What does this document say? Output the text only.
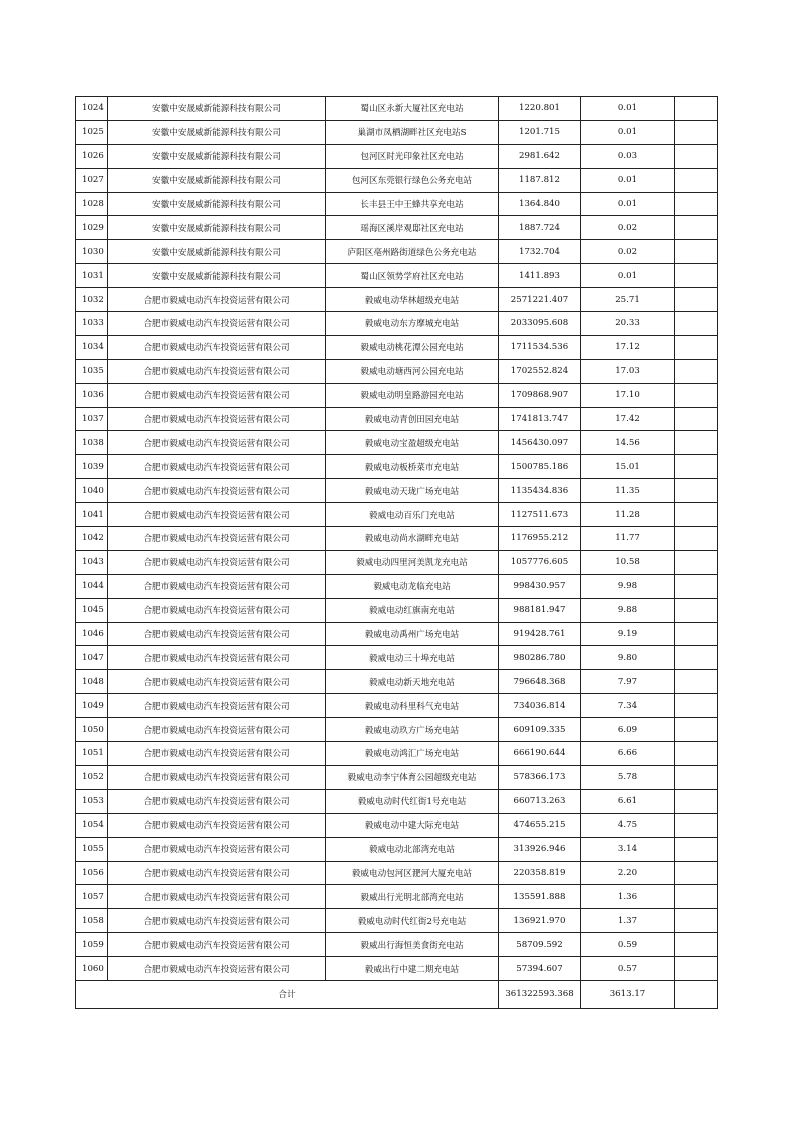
1024	安徽中安晟威新能源科技有限公司	蜀山区永新大厦社区充电站	1220.801	0.01	
1025	安徽中安晟威新能源科技有限公司	巢湖市凤栖湖畔社区充电站S	1201.715	0.01	
1026	安徽中安晟威新能源科技有限公司	包河区时光印象社区充电站	2981.642	0.03	
1027	安徽中安晟威新能源科技有限公司	包河区东莞银行绿色公务充电站	1187.812	0.01	
1028	安徽中安晟威新能源科技有限公司	长丰县王中王蜂共享充电站	1364.840	0.01	
1029	安徽中安晟威新能源科技有限公司	瑶海区溪岸观邸社区充电站	1887.724	0.02	
1030	安徽中安晟威新能源科技有限公司	庐阳区亳州路街道绿色公务充电站	1732.704	0.02	
1031	安徽中安晟威新能源科技有限公司	蜀山区领势学府社区充电站	1411.893	0.01	
1032	合肥市毅威电动汽车投资运营有限公司	毅威电动华林超级充电站	2571221.407	25.71	
1033	合肥市毅威电动汽车投资运营有限公司	毅威电动东方摩城充电站	2033095.608	20.33	
1034	合肥市毅威电动汽车投资运营有限公司	毅威电动桃花潭公园充电站	1711534.536	17.12	
1035	合肥市毅威电动汽车投资运营有限公司	毅威电动塘西河公园充电站	1702552.824	17.03	
1036	合肥市毅威电动汽车投资运营有限公司	毅威电动明皇路游园充电站	1709868.907	17.10	
1037	合肥市毅威电动汽车投资运营有限公司	毅威电动青创田园充电站	1741813.747	17.42	
1038	合肥市毅威电动汽车投资运营有限公司	毅威电动宝盈超级充电站	1456430.097	14.56	
1039	合肥市毅威电动汽车投资运营有限公司	毅威电动板桥菜市充电站	1500785.186	15.01	
1040	合肥市毅威电动汽车投资运营有限公司	毅威电动天珑广场充电站	1135434.836	11.35	
1041	合肥市毅威电动汽车投资运营有限公司	毅威电动百乐门充电站	1127511.673	11.28	
1042	合肥市毅威电动汽车投资运营有限公司	毅威电动尚水湖畔充电站	1176955.212	11.77	
1043	合肥市毅威电动汽车投资运营有限公司	毅威电动四里河美凯龙充电站	1057776.605	10.58	
1044	合肥市毅威电动汽车投资运营有限公司	毅威电动龙临充电站	998430.957	9.98	
1045	合肥市毅威电动汽车投资运营有限公司	毅威电动红旗南充电站	988181.947	9.88	
1046	合肥市毅威电动汽车投资运营有限公司	毅威电动禹州广场充电站	919428.761	9.19	
1047	合肥市毅威电动汽车投资运营有限公司	毅威电动三十埠充电站	980286.780	9.80	
1048	合肥市毅威电动汽车投资运营有限公司	毅威电动新天地充电站	796648.368	7.97	
1049	合肥市毅威电动汽车投资运营有限公司	毅威电动科里科气充电站	734036.814	7.34	
1050	合肥市毅威电动汽车投资运营有限公司	毅威电动玖方广场充电站	609109.335	6.09	
1051	合肥市毅威电动汽车投资运营有限公司	毅威电动鸿汇广场充电站	666190.644	6.66	
1052	合肥市毅威电动汽车投资运营有限公司	毅威电动李宁体育公园超级充电站	578366.173	5.78	
1053	合肥市毅威电动汽车投资运营有限公司	毅威电动时代红街1号充电站	660713.263	6.61	
1054	合肥市毅威电动汽车投资运营有限公司	毅威电动中建大际充电站	474655.215	4.75	
1055	合肥市毅威电动汽车投资运营有限公司	毅威电动北部湾充电站	313926.946	3.14	
1056	合肥市毅威电动汽车投资运营有限公司	毅威电动包河区淝河大厦充电站	220358.819	2.20	
1057	合肥市毅威电动汽车投资运营有限公司	毅威出行光明北部湾充电站	135591.888	1.36	
1058	合肥市毅威电动汽车投资运营有限公司	毅威电动时代红街2号充电站	136921.970	1.37	
1059	合肥市毅威电动汽车投资运营有限公司	毅威出行海恒美食街充电站	58709.592	0.59	
1060	合肥市毅威电动汽车投资运营有限公司	毅威出行中建二期充电站	57394.607	0.57	
合计			361322593.368	3613.17	
